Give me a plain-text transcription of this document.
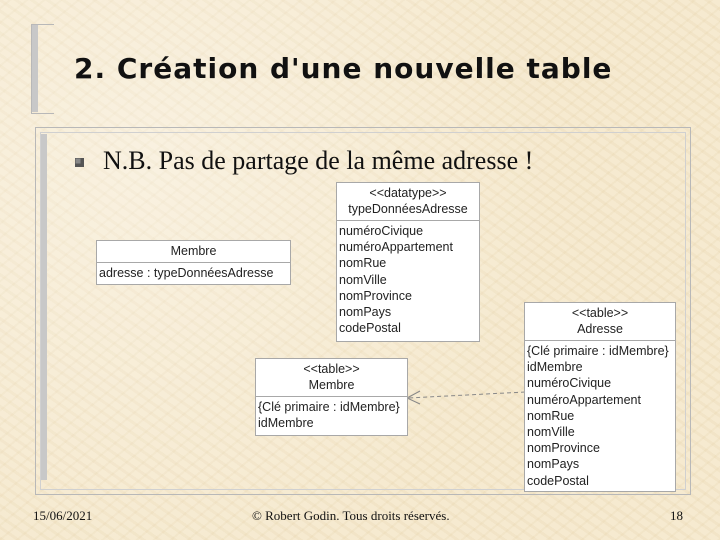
2. Création d'une nouvelle table
N.B. Pas de partage de la même adresse !
<<datatype>>
typeDonnéesAdresse
numéroCivique
numéroAppartement
nomRue
nomVille
nomProvince
nomPays
codePostal
Membre
adresse : typeDonnéesAdresse
<<table>>
Membre
{Clé primaire : idMembre}
idMembre
<<table>>
Adresse
{Clé primaire : idMembre}
idMembre
numéroCivique
numéroAppartement
nomRue
nomVille
nomProvince
nomPays
codePostal
15/06/2021	© Robert Godin. Tous droits réservés.	18
